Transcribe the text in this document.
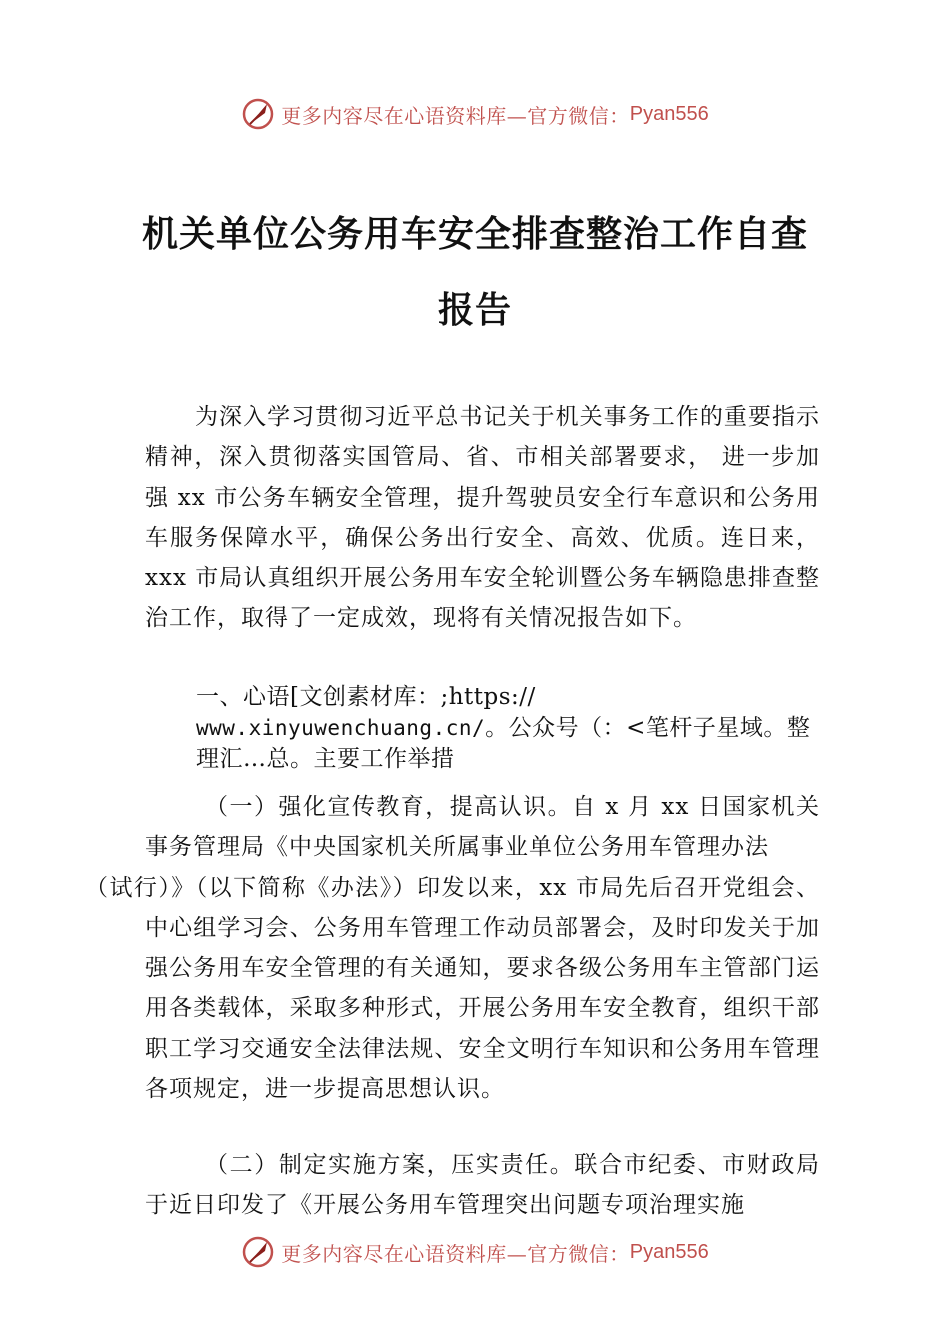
更多内容尽在心语资料库—官方微信： Pyan556
机关单位公务用车安全排查整治工作自查
报告

为深入学习贯彻习近平总书记关于机关事务工作的重要指示精神，深入贯彻落实国管局、省、市相关部署要求， 进一步加强 xx 市公务车辆安全管理，提升驾驶员安全行车意识和公务用车服务保障水平，确保公务出行安全、高效、优质。连日来，xxx 市局认真组织开展公务用车安全轮训暨公务车辆隐患排查整治工作，取得了一定成效，现将有关情况报告如下。

一、心语[文创素材库：;https://
www.xinyuwenchuang.cn/。公众号（：<笔杆子星域。整理汇…总。主要工作举措

（一）强化宣传教育，提高认识。自 x 月 xx 日国家机关事务管理局《中央国家机关所属事业单位公务用车管理办法
（试行）》（以下简称《办法》）印发以来，xx 市局先后召开党组会、中心组学习会、公务用车管理工作动员部署会，及时印发关于加强公务用车安全管理的有关通知，要求各级公务用车主管部门运用各类载体，采取多种形式，开展公务用车安全教育，组织干部职工学习交通安全法律法规、安全文明行车知识和公务用车管理各项规定，进一步提高思想认识。

（二）制定实施方案，压实责任。联合市纪委、市财政局于近日印发了《开展公务用车管理突出问题专项治理实施

更多内容尽在心语资料库—官方微信： Pyan556
